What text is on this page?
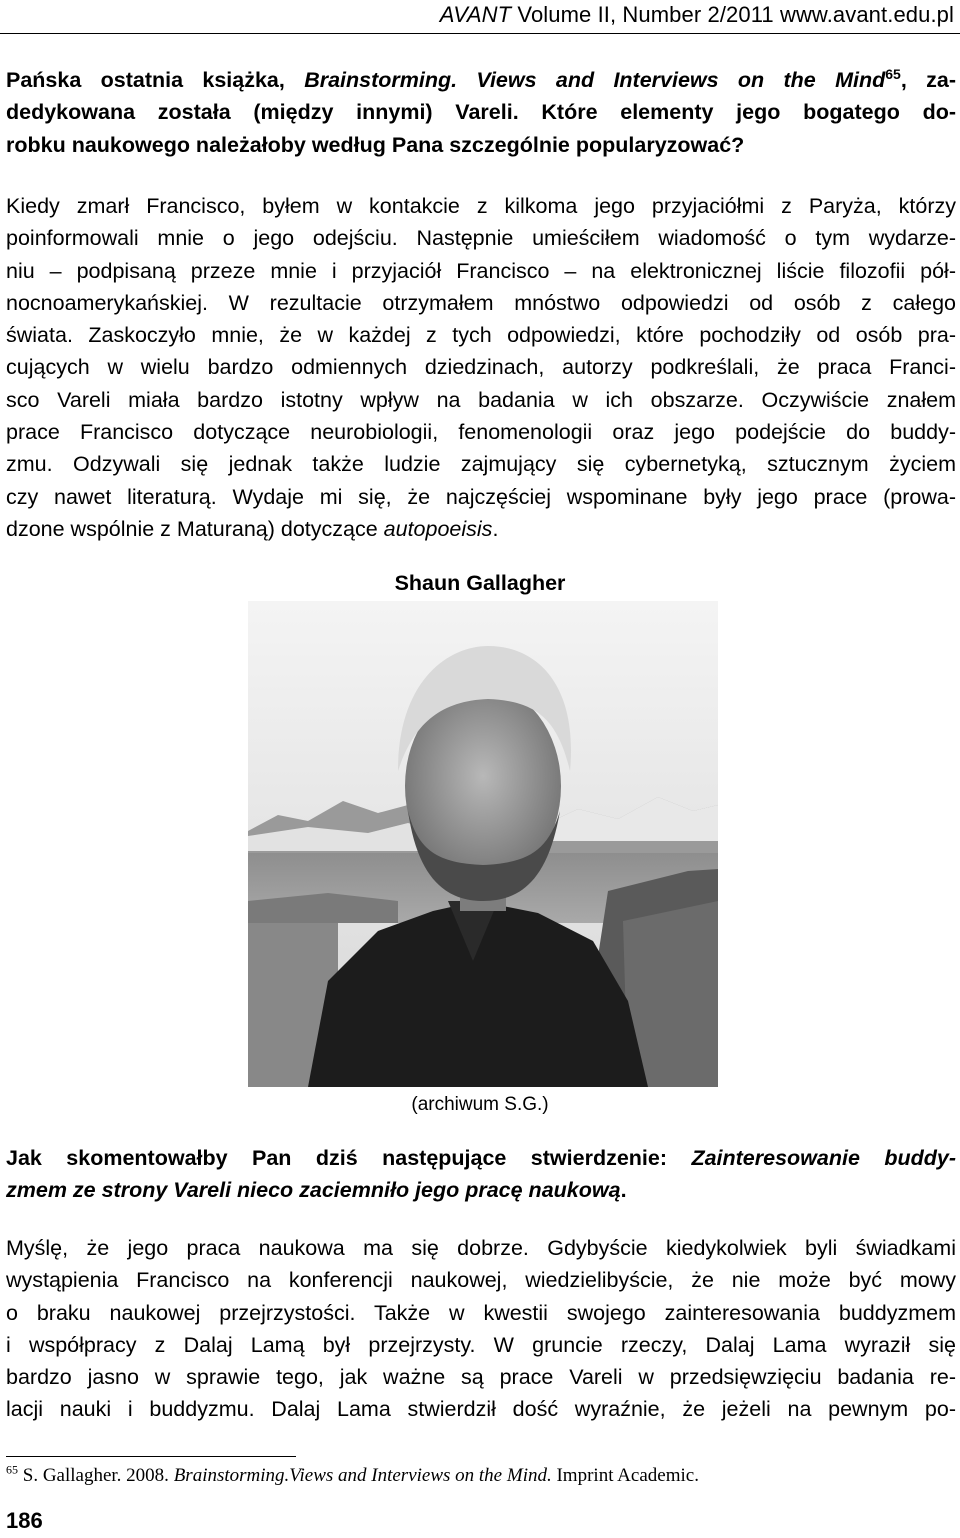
AVANT Volume II, Number 2/2011 www.avant.edu.pl
Pańska ostatnia książka, Brainstorming. Views and Interviews on the Mind$^{65}$, za-
dedykowana została (między innymi) Vareli. Które elementy jego bogatego do-
robku naukowego należałoby według Pana szczególnie popularyzować?
Kiedy zmarł Francisco, byłem w kontakcie z kilkoma jego przyjaciółmi z Paryża, którzy
poinformowali mnie o jego odejściu. Następnie umieściłem wiadomość o tym wydarze-
niu – podpisaną przeze mnie i przyjaciół Francisco – na elektronicznej liście filozofii pół-
nocnoamerykańskiej. W rezultacie otrzymałem mnóstwo odpowiedzi od osób z całego
świata. Zaskoczyło mnie, że w każdej z tych odpowiedzi, które pochodziły od osób pra-
cujących w wielu bardzo odmiennych dziedzinach, autorzy podkreślali, że praca Franci-
sco Vareli miała bardzo istotny wpływ na badania w ich obszarze. Oczywiście znałem
prace Francisco dotyczące neurobiologii, fenomenologii oraz jego podejście do buddy-
zmu. Odzywali się jednak także ludzie zajmujący się cybernetyką, sztucznym życiem
czy nawet literaturą. Wydaje mi się, że najczęściej wspominane były jego prace (prowa-
dzone wspólnie z Maturaną) dotyczące autopoeisis.
Shaun Gallagher
(archiwum S.G.)
Jak skomentowałby Pan dziś następujące stwierdzenie: Zainteresowanie buddy-
zmem ze strony Vareli nieco zaciemniło jego pracę naukową.
Myślę, że jego praca naukowa ma się dobrze. Gdybyście kiedykolwiek byli świadkami
wystąpienia Francisco na konferencji naukowej, wiedzielibyście, że nie może być mowy
o braku naukowej przejrzystości. Także w kwestii swojego zainteresowania buddyzmem
i współpracy z Dalaj Lamą był przejrzysty. W gruncie rzeczy, Dalaj Lama wyraził się
bardzo jasno w sprawie tego, jak ważne są prace Vareli w przedsięwzięciu badania re-
lacji nauki i buddyzmu. Dalaj Lama stwierdził dość wyraźnie, że jeżeli na pewnym po-
$^{65}$ S. Gallagher. 2008. Brainstorming.Views and Interviews on the Mind. Imprint Academic.
186
